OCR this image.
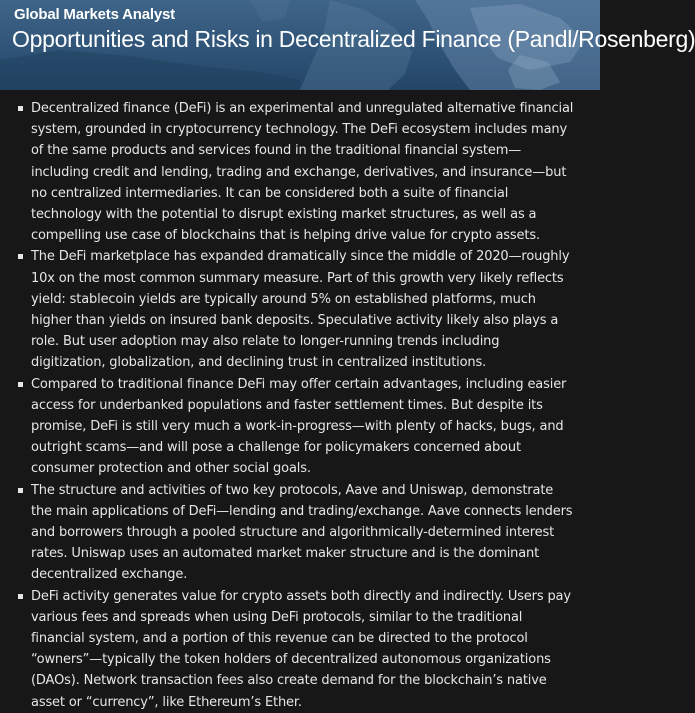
Global Markets Analyst
Opportunities and Risks in Decentralized Finance (Pandl/Rosenberg)
Decentralized finance (DeFi) is an experimental and unregulated alternative financial system, grounded in cryptocurrency technology. The DeFi ecosystem includes many of the same products and services found in the traditional financial system—including credit and lending, trading and exchange, derivatives, and insurance—but no centralized intermediaries. It can be considered both a suite of financial technology with the potential to disrupt existing market structures, as well as a compelling use case of blockchains that is helping drive value for crypto assets.
The DeFi marketplace has expanded dramatically since the middle of 2020—roughly 10x on the most common summary measure. Part of this growth very likely reflects yield: stablecoin yields are typically around 5% on established platforms, much higher than yields on insured bank deposits. Speculative activity likely also plays a role. But user adoption may also relate to longer-running trends including digitization, globalization, and declining trust in centralized institutions.
Compared to traditional finance DeFi may offer certain advantages, including easier access for underbanked populations and faster settlement times. But despite its promise, DeFi is still very much a work-in-progress—with plenty of hacks, bugs, and outright scams—and will pose a challenge for policymakers concerned about consumer protection and other social goals.
The structure and activities of two key protocols, Aave and Uniswap, demonstrate the main applications of DeFi—lending and trading/exchange. Aave connects lenders and borrowers through a pooled structure and algorithmically-determined interest rates. Uniswap uses an automated market maker structure and is the dominant decentralized exchange.
DeFi activity generates value for crypto assets both directly and indirectly. Users pay various fees and spreads when using DeFi protocols, similar to the traditional financial system, and a portion of this revenue can be directed to the protocol “owners”—typically the token holders of decentralized autonomous organizations (DAOs). Network transaction fees also create demand for the blockchain’s native asset or “currency”, like Ethereum’s Ether.
